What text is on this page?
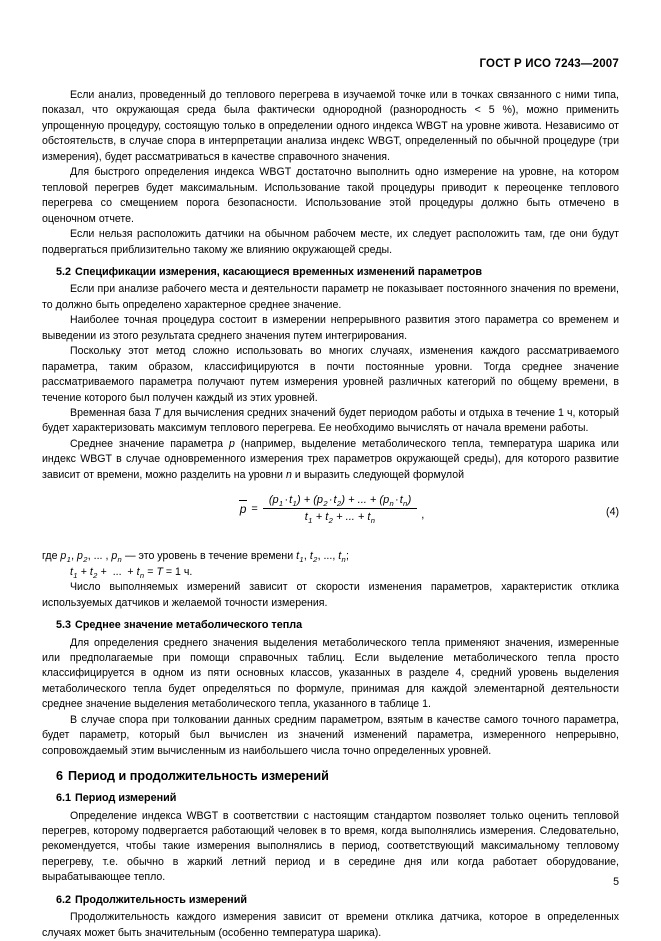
ГОСТ Р ИСО 7243—2007

Если анализ, проведенный до теплового перегрева в изучаемой точке или в точках связанного с ними типа, показал, что окружающая среда была фактически однородной (разнородность < 5 %), можно применить упрощенную процедуру, состоящую только в определении одного индекса WBGT на уровне живота. Независимо от обстоятельств, в случае спора в интерпретации анализа индекс WBGT, определенный по обычной процедуре (три измерения), будет рассматриваться в качестве справочного значения.

Для быстрого определения индекса WBGT достаточно выполнить одно измерение на уровне, на котором тепловой перегрев будет максимальным. Использование такой процедуры приводит к переоценке теплового перегрева со смещением порога безопасности. Использование этой процедуры должно быть отмечено в оценочном отчете.

Если нельзя расположить датчики на обычном рабочем месте, их следует расположить там, где они будут подвергаться приблизительно такому же влиянию окружающей среды.

5.2 Спецификации измерения, касающиеся временных изменений параметров

Если при анализе рабочего места и деятельности параметр не показывает постоянного значения по времени, то должно быть определено характерное среднее значение.

Наиболее точная процедура состоит в измерении непрерывного развития этого параметра со временем и выведении из этого результата среднего значения путем интегрирования.

Поскольку этот метод сложно использовать во многих случаях, изменения каждого рассматриваемого параметра, таким образом, классифицируются в почти постоянные уровни. Тогда среднее значение рассматриваемого параметра получают путем измерения уровней различных категорий по общему времени, в течение которого был получен каждый из этих уровней.

Временная база T для вычисления средних значений будет периодом работы и отдыха в течение 1 ч, который будет характеризовать максимум теплового перегрева. Ее необходимо вычислять от начала времени работы.

Среднее значение параметра p (например, выделение метаболического тепла, температура шарика или индекс WBGT в случае одновременного измерения трех параметров окружающей среды), для которого развитие зависит от времени, можно разделить на уровни n и выразить следующей формулой

$p = \frac{(p_1\cdot t_1) + (p_2\cdot t_2) + ... + (p_n\cdot t_n)}{t_1 + t_2 + ... + t_n}$ ,	(4)
где $p_1$, $p_2$, ... , $p_n$ — это уровень в течение времени $t_1$, $t_2$, ..., $t_n$;
$t_1 + t_2$ + ... + $t_n = T = 1$ ч.

Число выполняемых измерений зависит от скорости изменения параметров, характеристик отклика используемых датчиков и желаемой точности измерения.

5.3 Среднее значение метаболического тепла

Для определения среднего значения выделения метаболического тепла применяют значения, измеренные или предполагаемые при помощи справочных таблиц. Если выделение метаболического тепла просто классифицируется в одном из пяти основных классов, указанных в разделе 4, средний уровень выделения метаболического тепла будет определяться по формуле, принимая для каждой элементарной деятельности среднее значение выделения метаболического тепла, указанного в таблице 1.

В случае спора при толковании данных средним параметром, взятым в качестве самого точного параметра, будет параметр, который был вычислен из значений изменений параметра, измеренного непрерывно, сопровождаемый этим вычисленным из наибольшего числа точно определенных уровней.

6 Период и продолжительность измерений
6.1 Период измерений

Определение индекса WBGT в соответствии с настоящим стандартом позволяет только оценить тепловой перегрев, которому подвергается работающий человек в то время, когда выполнялись измерения. Следовательно, рекомендуется, чтобы такие измерения выполнялись в период, соответствующий максимальному тепловому перегреву, т.е. обычно в жаркий летний период и в середине дня или когда работает оборудование, вырабатывающее тепло.

6.2 Продолжительность измерений

Продолжительность каждого измерения зависит от времени отклика датчика, которое в определенных случаях может быть значительным (особенно температура шарика).

5
